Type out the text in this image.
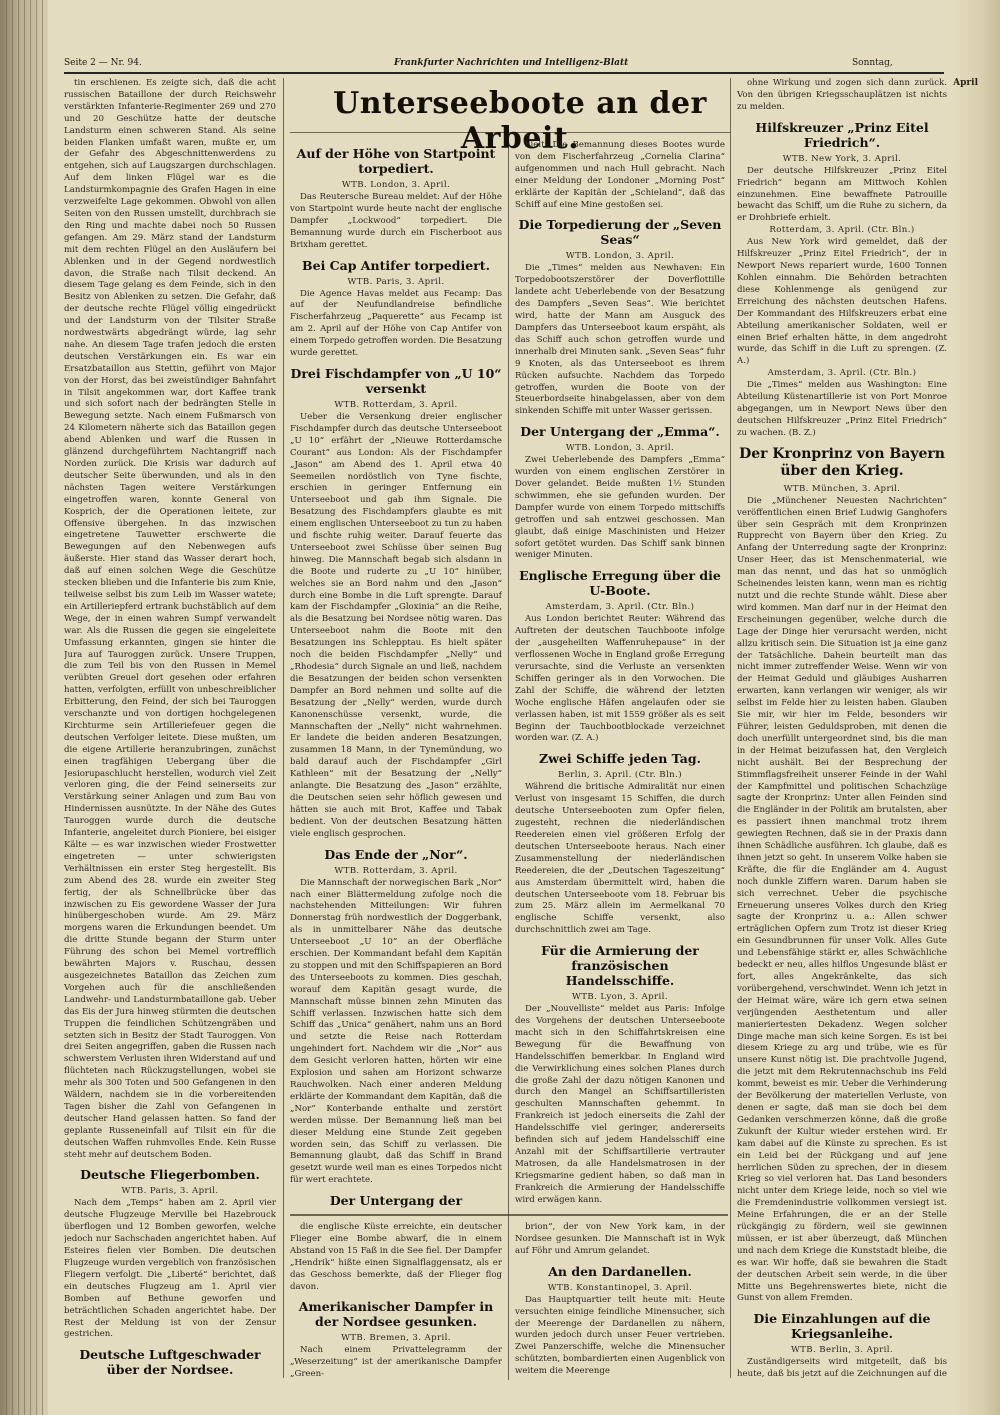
Seite 2 — Nr. 94.	Frankfurter Nachrichten und Intelligenz-Blatt	Sonntag,
April

tin erschienen. Es zeigte sich, daß die acht russischen Bataillone der durch Reichswehr verstärkten Infanterie-Regimenter 269 und 270 und 20 Geschütze hatte der deutsche Landsturm einen schweren Stand. Als seine beiden Flanken umfaßt waren, mußte er, um der Gefahr des Abgeschnittenwerdens zu entgehen, sich auf Laugszargen durchschlagen. Auf dem linken Flügel war es die Landsturmkompagnie des Grafen Hagen in eine verzweifelte Lage gekommen. Obwohl von allen Seiten von den Russen umstellt, durchbrach sie den Ring und machte dabei noch 50 Russen gefangen. Am 29. März stand der Landsturm mit dem rechten Flügel an den Ausläufern bei Ablenken und in der Gegend nordwestlich davon, die Straße nach Tilsit deckend. An diesem Tage gelang es dem Feinde, sich in den Besitz von Ablenken zu setzen. Die Gefahr, daß der deutsche rechte Flügel völlig eingedrückt und der Landsturm von der Tilsiter Straße nordwestwärts abgedrängt würde, lag sehr nahe. An diesem Tage trafen jedoch die ersten deutschen Verstärkungen ein. Es war ein Ersatzbataillon aus Stettin, geführt von Major von der Horst, das bei zweistündiger Bahnfahrt in Tilsit angekommen war, dort Kaffee trank und sich sofort nach der bedrängten Stelle in Bewegung setzte. Nach einem Fußmarsch von 24 Kilometern näherte sich das Bataillon gegen abend Ablenken und warf die Russen in glänzend durchgeführtem Nachtangriff nach Norden zurück. Die Krisis war dadurch auf deutscher Seite überwunden, und als in den nächsten Tagen weitere Verstärkungen eingetroffen waren, konnte General von Kosprich, der die Operationen leitete, zur Offensive übergehen. In das inzwischen eingetretene Tauwetter erschwerte die Bewegungen auf den Nebenwegen aufs äußerste. Hier stand das Wasser derart hoch, daß auf einen solchen Wege die Geschütze stecken blieben und die Infanterie bis zum Knie, teilweise selbst bis zum Leib im Wasser watete; ein Artilleriepferd ertrank buchstäblich auf dem Wege, der in einen wahren Sumpf verwandelt war. Als die Russen die gegen sie eingeleitete Umfassung erkannten, gingen sie hinter die Jura auf Tauroggen zurück. Unsere Truppen, die zum Teil bis von den Russen in Memel verübten Greuel dort gesehen oder erfahren hatten, verfolgten, erfüllt von unbeschreiblicher Erbitterung, den Feind, der sich bei Tauroggen verschanzte und von dortigen hochgelegenen Kirchturme sein Artilleriefeuer gegen die deutschen Verfolger leitete. Diese mußten, um die eigene Artillerie heranzubringen, zunächst einen tragfähigen Uebergang über die Jesiorupaschlucht herstellen, wodurch viel Zeit verloren ging, die der Feind seinerseits zur Verstärkung seiner Anlagen und zum Bau von Hindernissen ausnützte. In der Nähe des Gutes Tauroggen wurde durch die deutsche Infanterie, angeleitet durch Pioniere, bei eisiger Kälte — es war inzwischen wieder Frostwetter eingetreten — unter schwierigsten Verhältnissen ein erster Steg hergestellt. Bis zum Abend des 28. wurde ein zweiter Steg fertig, der als Schnellbrücke über das inzwischen zu Eis gewordene Wasser der Jura hinübergeschoben wurde. Am 29. März morgens waren die Erkundungen beendet. Um die dritte Stunde begann der Sturm unter Führung des schon bei Memel vortrefflich bewährten Majors v. Ruschau, dessen ausgezeichnetes Bataillon das Zeichen zum Vorgehen auch für die anschließenden Landwehr- und Landsturmbataillone gab. Ueber das Eis der Jura hinweg stürmten die deutschen Truppen die feindlichen Schützengräben und setzten sich in Besitz der Stadt Tauroggen. Von drei Seiten angegriffen, gaben die Russen nach schwerstem Verlusten ihren Widerstand auf und flüchteten nach Rückzugstellungen, wobei sie mehr als 300 Toten und 500 Gefangenen in den Wäldern, nachdem sie in die vorbereitenden Tagen bisher die Zahl von Gefangenen in deutscher Hand gelassen hatten. So fand der geplante Russeneinfall auf Tilsit ein für die deutschen Waffen ruhmvolles Ende. Kein Russe steht mehr auf deutschem Boden.

Deutsche Fliegerbomben.
WTB. Paris, 3. April.

Nach dem „Temps“ haben am 2. April vier deutsche Flugzeuge Merville bei Hazebrouck überflogen und 12 Bomben geworfen, welche jedoch nur Sachschaden angerichtet haben. Auf Esteires fielen vier Bomben. Die deutschen Flugzeuge wurden vergeblich von französischen Fliegern verfolgt. Die „Liberté“ berichtet, daß ein deutsches Flugzeug am 1. April vier Bomben auf Bethune geworfen und beträchtlichen Schaden angerichtet habe. Der Rest der Meldung ist von der Zensur gestrichen.

Deutsche Luftgeschwader über der Nordsee.

Unterseeboote an der Arbeit.
Auf der Höhe von Startpoint torpediert.
WTB. London, 3. April.

Das Reutersche Bureau meldet: Auf der Höhe von Startpoint wurde heute nacht der englische Dampfer „Lockwood“ torpediert. Die Bemannung wurde durch ein Fischerboot aus Brixham gerettet.

Bei Cap Antifer torpediert.
WTB. Paris, 3. April.

Die Agence Havas meldet aus Fecamp: Das auf der Neufundlandreise befindliche Fischerfahrzeug „Paquerette“ aus Fecamp ist am 2. April auf der Höhe von Cap Antifer von einem Torpedo getroffen worden. Die Besatzung wurde gerettet.

Drei Fischdampfer von „U 10“ versenkt
WTB. Rotterdam, 3. April.

Ueber die Versenkung dreier englischer Fischdampfer durch das deutsche Unterseeboot „U 10“ erfährt der „Nieuwe Rotterdamsche Courant“ aus London: Als der Fischdampfer „Jason“ am Abend des 1. April etwa 40 Seemeilen nordöstlich von Tyne fischte, erschien in geringer Entfernung ein Unterseeboot und gab ihm Signale. Die Besatzung des Fischdampfers glaubte es mit einem englischen Unterseeboot zu tun zu haben und fischte ruhig weiter. Darauf feuerte das Unterseeboot zwei Schüsse über seinen Bug hinweg. Die Mannschaft begab sich alsdann in die Boote und ruderte zu „U 10“ hinüber, welches sie an Bord nahm und den „Jason“ durch eine Bombe in die Luft sprengte. Darauf kam der Fischdampfer „Gloxinia“ an die Reihe, als die Besatzung bei Nordsee nötig waren. Das Unterseeboot nahm die Boote mit den Besatzungen ins Schlepptau. Es hielt später noch die beiden Fischdampfer „Nelly“ und „Rhodesia“ durch Signale an und ließ, nachdem die Besatzungen der beiden schon versenkten Dampfer an Bord nehmen und sollte auf die Besatzung der „Nelly“ werden, wurde durch Kanonenschüsse versenkt, wurde, die Mannschaften der „Nelly“ nicht wahrnehmen. Er landete die beiden anderen Besatzungen, zusammen 18 Mann, in der Tynemündung, wo bald darauf auch der Fischdampfer „Girl Kathleen“ mit der Besatzung der „Nelly“ anlangte. Die Besatzung des „Jason“ erzählte, die Deutschen seien sehr höflich gewesen und hätten sie auch mit Brot, Kaffee und Tabak bedient. Von der deutschen Besatzung hätten viele englisch gesprochen.

Das Ende der „Nor“.
WTB. Rotterdam, 3. April.

Die Mannschaft der norwegischen Bark „Nor“ nach einer Blättermeldung zufolge noch die nachstehenden Mitteilungen: Wir fuhren Donnerstag früh nordwestlich der Doggerbank, als in unmittelbarer Nähe das deutsche Unterseeboot „U 10“ an der Oberfläche erschien. Der Kommandant befahl dem Kapitän zu stoppen und mit den Schiffspapieren an Bord des Unterseeboots zu kommen. Dies geschah, worauf dem Kapitän gesagt wurde, die Mannschaft müsse binnen zehn Minuten das Schiff verlassen. Inzwischen hatte sich dem Schiff das „Unica“ genähert, nahm uns an Bord und setzte die Reise nach Rotterdam ungehindert fort. Nachdem wir die „Nor“ aus dem Gesicht verloren hatten, hörten wir eine Explosion und sahen am Horizont schwarze Rauchwolken. Nach einer anderen Meldung erklärte der Kommandant dem Kapitän, daß die „Nor“ Konterbande enthalte und zerstört werden müsse. Der Bemannung ließ man bei dieser Meldung eine Stunde Zeit gegeben worden sein, das Schiff zu verlassen. Die Bemannung glaubt, daß das Schiff in Brand gesetzt wurde weil man es eines Torpedos nicht für wert erachtete.

Der Untergang der

hielt. Die Bemannung dieses Bootes wurde von dem Fischerfahrzeug „Cornelia Clarina“ aufgenommen und nach Hull gebracht. Nach einer Meldung der Londoner „Morning Post“ erklärte der Kapitän der „Schieland“, daß das Schiff auf eine Mine gestoßen sei.

Die Torpedierung der „Seven Seas“
WTB. London, 3. April.

Die „Times“ melden aus Newhaven: Ein Torpedobootszerstörer der Doverflottille landete acht Ueberlebende von der Besatzung des Dampfers „Seven Seas“. Wie berichtet wird, hatte der Mann am Ausguck des Dampfers das Unterseeboot kaum erspäht, als das Schiff auch schon getroffen wurde und innerhalb drei Minuten sank. „Seven Seas“ fuhr 9 Knoten, als das Unterseeboot es ihrem Rücken aufsuchte. Nachdem das Torpedo getroffen, wurden die Boote von der Steuerbordseite hinabgelassen, aber von dem sinkenden Schiffe mit unter Wasser gerissen.

Der Untergang der „Emma“.
WTB. London, 3. April.

Zwei Ueberlebende des Dampfers „Emma“ wurden von einem englischen Zerstörer in Dover gelandet. Beide mußten 1½ Stunden schwimmen, ehe sie gefunden wurden. Der Dampfer wurde von einem Torpedo mittschiffs getroffen und sah entzwei geschossen. Man glaubt, daß einige Maschinisten und Heizer sofort getötet wurden. Das Schiff sank binnen weniger Minuten.

Englische Erregung über die U-Boote.
Amsterdam, 3. April. (Ctr. Bln.)

Aus London berichtet Reuter: Während das Auftreten der deutschen Tauchboote infolge der „ausgeheilten Waffenruhepause“ in der verflossenen Woche in England große Erregung verursachte, sind die Verluste an versenkten Schiffen geringer als in den Vorwochen. Die Zahl der Schiffe, die während der letzten Woche englische Häfen angelaufen oder sie verlassen haben, ist mit 1559 größer als es seit Beginn der Tauchbootblockade verzeichnet worden war. (Z. A.)

Zwei Schiffe jeden Tag.
Berlin, 3. April. (Ctr. Bln.)

Während die britische Admiralität nur einen Verlust von insgesamt 15 Schiffen, die durch deutsche Unterseebooten zum Opfer fielen, zugesteht, rechnen die niederländischen Reedereien einen viel größeren Erfolg der deutschen Unterseeboote heraus. Nach einer Zusammenstellung der niederländischen Reedereien, die der „Deutschen Tageszeitung“ aus Amsterdam übermittelt wird, haben die deutschen Unterseeboote vom 18. Februar bis zum 25. März allein im Aermelkanal 70 englische Schiffe versenkt, also durchschnittlich zwei am Tage.

Für die Armierung der französischen Handelsschiffe.
WTB. Lyon, 3. April.

Der „Nouvelliste“ meldet aus Paris: Infolge des Vorgehens der deutschen Unterseeboote macht sich in den Schiffahrtskreisen eine Bewegung für die Bewaffnung von Handelsschiffen bemerkbar. In England wird die Verwirklichung eines solchen Planes durch die große Zahl der dazu nötigen Kanonen und durch den Mangel an Schiffsartilleristen geschulten Mannschaften gehemmt. In Frankreich ist jedoch einerseits die Zahl der Handelsschiffe viel geringer, andererseits befinden sich auf jedem Handelsschiff eine Anzahl mit der Schiffsartillerie vertrauter Matrosen, da alle Handelsmatrosen in der Kriegsmarine gedient haben, so daß man in Frankreich die Armierung der Handelsschiffe wird erwägen kann.

die englische Küste erreichte, ein deutscher Flieger eine Bombe abwarf, die in einem Abstand von 15 Faß in die See fiel. Der Dampfer „Hendrik“ hißte einen Signalflaggensatz, als er das Geschoss bemerkte, daß der Flieger flog davon.

Amerikanischer Dampfer in der Nordsee gesunken.
WTB. Bremen, 3. April.

Nach einem Privattelegramm der „Weserzeitung“ ist der amerikanische Dampfer „Green-

brion“, der von New York kam, in der Nordsee gesunken. Die Mannschaft ist in Wyk auf Föhr und Amrum gelandet.

An den Dardanellen.
WTB. Konstantinopel, 3. April.

Das Hauptquartier teilt heute mit: Heute versuchten einige feindliche Minensucher, sich der Meerenge der Dardanellen zu nähern, wurden jedoch durch unser Feuer vertrieben. Zwei Panzerschiffe, welche die Minensucher schützten, bombardierten einen Augenblick von weitem die Meerenge

ohne Wirkung und zogen sich dann zurück. Von den übrigen Kriegsschauplätzen ist nichts zu melden.

Hilfskreuzer „Prinz Eitel Friedrich“.
WTB. New York, 3. April.

Der deutsche Hilfskreuzer „Prinz Eitel Friedrich“ begann am Mittwoch Kohlen einzunehmen. Eine bewaffnete Patrouille bewacht das Schiff, um die Ruhe zu sichern, da er Drohbriefe erhielt.

Rotterdam, 3. April. (Ctr. Bln.)

Aus New York wird gemeldet, daß der Hilfskreuzer „Prinz Eitel Friedrich“, der in Newport News repariert wurde, 1600 Tonnen Kohlen einnahm. Die Behörden betrachten diese Kohlenmenge als genügend zur Erreichung des nächsten deutschen Hafens. Der Kommandant des Hilfskreuzers erbat eine Abteilung amerikanischer Soldaten, weil er einen Brief erhalten hätte, in dem angedroht wurde, das Schiff in die Luft zu sprengen. (Z. A.)

Amsterdam, 3. April. (Ctr. Bln.)

Die „Times“ melden aus Washington: Eine Abteilung Küstenartillerie ist von Port Monroe abgegangen, um in Newport News über den deutschen Hilfskreuzer „Prinz Eitel Friedrich“ zu wachen. (B. Z.)

Der Kronprinz von Bayern über den Krieg.
WTB. München, 3. April.

Die „Münchener Neuesten Nachrichten“ veröffentlichen einen Brief Ludwig Ganghofers über sein Gespräch mit dem Kronprinzen Rupprecht von Bayern über den Krieg. Zu Anfang der Unterredung sagte der Kronprinz: Unser Heer, das ist Menschenmaterial, wie man das nennt, und das hat so unmöglich Scheinendes leisten kann, wenn man es richtig nutzt und die rechte Stunde wählt. Diese aber wird kommen. Man darf nur in der Heimat den Erscheinungen gegenüber, welche durch die Lage der Dinge hier verursacht werden, nicht allzu kritisch sein. Die Situation ist ja eine ganz der Tatsächliche. Dahein beurteilt man das nicht immer zutreffender Weise. Wenn wir von der Heimat Geduld und gläubiges Ausharren erwarten, kann verlangen wir weniger, als wir selbst im Felde hier zu leisten haben. Glauben Sie mir, wir hier im Felde, besonders wir Führer, leisten Geduldsproben, mit denen die doch unerfüllt untergeordnet sind, bis die man in der Heimat beizufassen hat, den Vergleich nicht aushält. Bei der Besprechung der Stimmflagsfreiheit unserer Feinde in der Wahl der Kampfmittel und politischen Schachzüge sagte der Kronprinz: Unter allen Feinden sind die Engländer in der Politik am brutalsten, aber es passiert ihnen manchmal trotz ihrem gewiegten Rechnen, daß sie in der Praxis dann ihnen Schädliche ausführen. Ich glaube, daß es ihnen jetzt so geht. In unserem Volke haben sie Kräfte, die für die Engländer am 4. August noch dunkle Ziffern waren. Darum haben sie sich verrechnet. Ueber die psychische Erneuerung unseres Volkes durch den Krieg sagte der Kronprinz u. a.: Allen schwer erträglichen Opfern zum Trotz ist dieser Krieg ein Gesundbrunnen für unser Volk. Alles Gute und Lebensfähige stärkt er, alles Schwächliche bedeckt er neu, alles hilflos Ungesunde bläst er fort, alles Angekränkelte, das sich vorübergehend, verschwindet. Wenn ich jetzt in der Heimat wäre, wäre ich gern etwa seinen verjüngenden Aesthetentum und aller manieriertesten Dekadenz. Wegen solcher Dinge mache man sich keine Sorgen. Es ist bei diesem Kriege zu arg und trübe, wie es für unsere Kunst nötig ist. Die prachtvolle Jugend, die jetzt mit dem Rekrutennachschub ins Feld kommt, beweist es mir. Ueber die Verhinderung der Bevölkerung der materiellen Verluste, von denen er sagte, daß man sie doch bei dem Gedanken verschmerzen könne, daß die große Zukunft der Kultur wieder erstehen wird. Er kam dabei auf die Künste zu sprechen. Es ist ein Leid bei der Rückgang und auf jene herrlichen Süden zu sprechen, der in diesem Krieg so viel verloren hat. Das Land besonders nicht unter dem Kriege leide, noch so viel wie die Fremdenindustrie vollkommen versiegt ist. Meine Erfahrungen, die er an der Stelle rückgängig zu fördern, weil sie gewinnen müssen, er ist aber überzeugt, daß München und nach dem Kriege die Kunststadt bleibe, die es war. Wir hoffe, daß sie bewahren die Stadt der deutschen Arbeit sein werde, in die über Mitte uns Begehrenswertes biete, nicht die Gunst von allem Fremden.

Die Einzahlungen auf die Kriegsanleihe.
WTB. Berlin, 3. April.

Zuständigerseits wird mitgeteilt, daß bis heute, daß bis jetzt auf die Zeichnungen auf die
